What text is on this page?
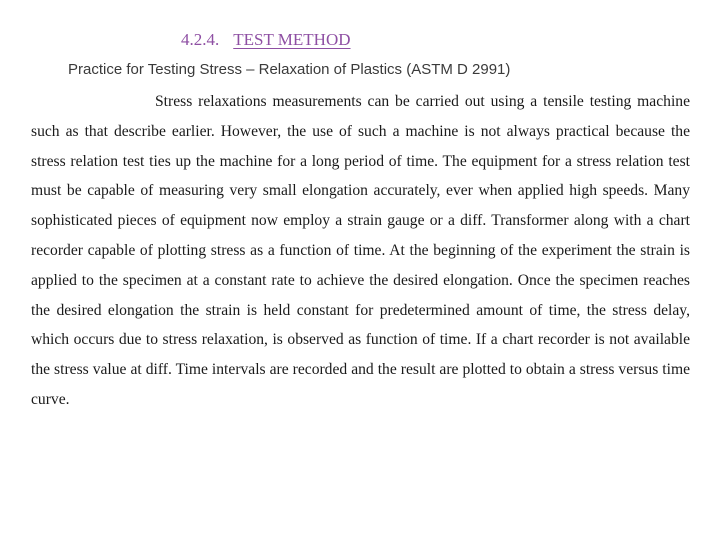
4.2.4. TEST METHOD
Practice for Testing Stress – Relaxation of Plastics (ASTM D 2991)

Stress relaxations measurements can be carried out using a tensile testing machine such as that describe earlier. However, the use of such a machine is not always practical because the stress relation test ties up the machine for a long period of time. The equipment for a stress relation test must be capable of measuring very small elongation accurately, ever when applied high speeds. Many sophisticated pieces of equipment now employ a strain gauge or a diff. Transformer along with a chart recorder capable of plotting stress as a function of time. At the beginning of the experiment the strain is applied to the specimen at a constant rate to achieve the desired elongation. Once the specimen reaches the desired elongation the strain is held constant for predetermined amount of time, the stress delay, which occurs due to stress relaxation, is observed as function of time. If a chart recorder is not available the stress value at diff. Time intervals are recorded and the result are plotted to obtain a stress versus time curve.
